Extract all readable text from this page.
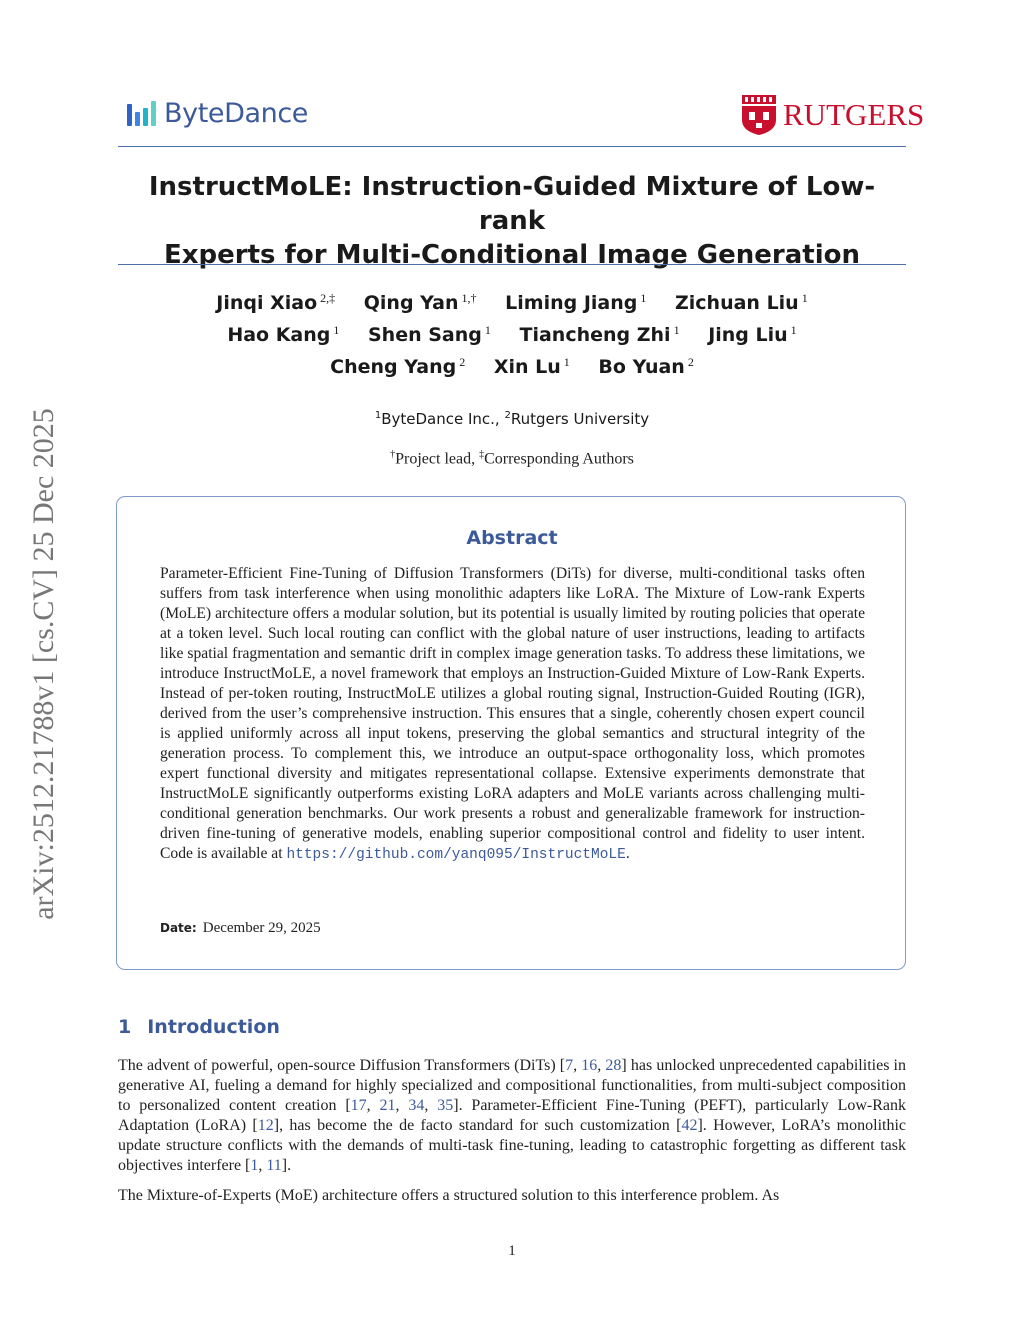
ByteDance	RUTGERS
InstructMoLE: Instruction-Guided Mixture of Low-rank
Experts for Multi-Conditional Image Generation
Jinqi Xiao $^{2,\ddagger}$ Qing Yan $^{1,\dagger}$ Liming Jiang $^1$ Zichuan Liu $^1$
Hao Kang $^1$ Shen Sang $^1$ Tiancheng Zhi $^1$ Jing Liu $^1$
Cheng Yang $^2$ Xin Lu $^1$ Bo Yuan $^2$
$^1$ByteDance Inc., $^2$Rutgers University
†Project lead, ‡Corresponding Authors
arXiv:2512.21788v1 [cs.CV] 25 Dec 2025	Abstract
Parameter-Efficient Fine-Tuning of Diffusion Transformers (DiTs) for diverse, multi-conditional tasks often suffers from task interference when using monolithic adapters like LoRA. The Mixture of Low-rank Experts (MoLE) architecture offers a modular solution, but its potential is usually limited by routing policies that operate at a token level. Such local routing can conflict with the global nature of user instructions, leading to artifacts like spatial fragmentation and semantic drift in complex image generation tasks. To address these limitations, we introduce InstructMoLE, a novel framework that employs an Instruction-Guided Mixture of Low-Rank Experts. Instead of per-token routing, InstructMoLE utilizes a global routing signal, Instruction-Guided Routing (IGR), derived from the user’s comprehensive instruction. This ensures that a single, coherently chosen expert council is applied uniformly across all input tokens, preserving the global semantics and structural integrity of the generation process. To complement this, we introduce an output-space orthogonality loss, which promotes expert functional diversity and mitigates representational collapse. Extensive experiments demonstrate that InstructMoLE significantly outperforms existing LoRA adapters and MoLE variants across challenging multi-conditional generation benchmarks. Our work presents a robust and generalizable framework for instruction-driven fine-tuning of generative models, enabling superior compositional control and fidelity to user intent. Code is available at https://github.com/yanq095/InstructMoLE.
Date: December 29, 2025
1 Introduction
The advent of powerful, open-source Diffusion Transformers (DiTs) [7, 16, 28] has unlocked unprecedented capabilities in generative AI, fueling a demand for highly specialized and compositional functionalities, from multi-subject composition to personalized content creation [17, 21, 34, 35]. Parameter-Efficient Fine-Tuning (PEFT), particularly Low-Rank Adaptation (LoRA) [12], has become the de facto standard for such customization [42]. However, LoRA’s monolithic update structure conflicts with the demands of multi-task fine-tuning, leading to catastrophic forgetting as different task objectives interfere [1, 11].
The Mixture-of-Experts (MoE) architecture offers a structured solution to this interference problem. As
1
